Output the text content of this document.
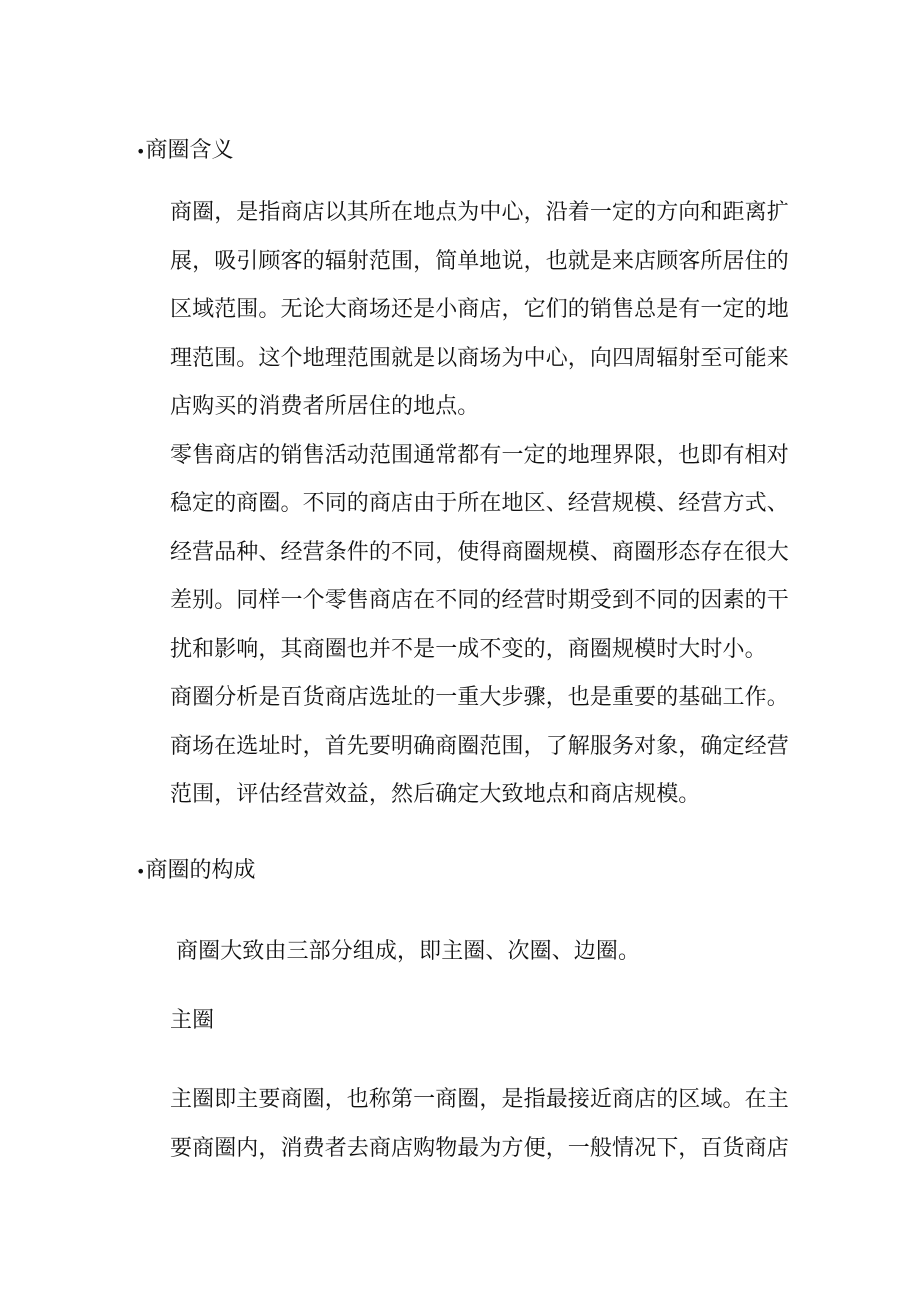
•商圈含义
商圈，是指商店以其所在地点为中心，沿着一定的方向和距离扩
展，吸引顾客的辐射范围，简单地说，也就是来店顾客所居住的
区域范围。无论大商场还是小商店，它们的销售总是有一定的地
理范围。这个地理范围就是以商场为中心，向四周辐射至可能来
店购买的消费者所居住的地点。
零售商店的销售活动范围通常都有一定的地理界限，也即有相对
稳定的商圈。不同的商店由于所在地区、经营规模、经营方式、
经营品种、经营条件的不同，使得商圈规模、商圈形态存在很大
差别。同样一个零售商店在不同的经营时期受到不同的因素的干
扰和影响，其商圈也并不是一成不变的，商圈规模时大时小。
商圈分析是百货商店选址的一重大步骤，也是重要的基础工作。
商场在选址时，首先要明确商圈范围，了解服务对象，确定经营
范围，评估经营效益，然后确定大致地点和商店规模。
•商圈的构成
商圈大致由三部分组成，即主圈、次圈、边圈。
主圈
主圈即主要商圈，也称第一商圈，是指最接近商店的区域。在主
要商圈内，消费者去商店购物最为方便，一般情况下，百货商店
